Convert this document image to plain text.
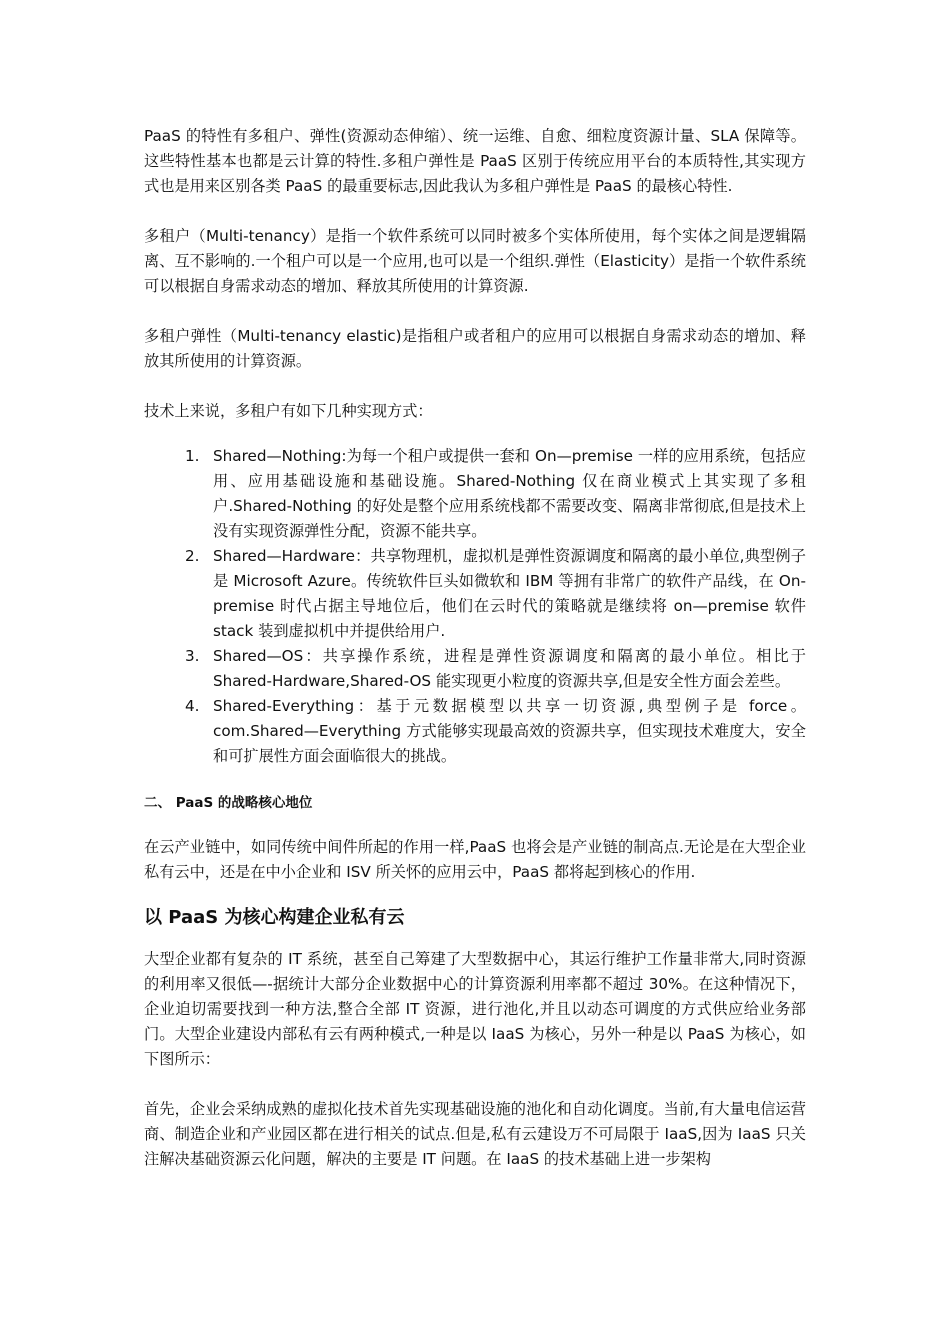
PaaS 的特性有多租户、弹性(资源动态伸缩）、统一运维、自愈、细粒度资源计量、SLA 保障等。这些特性基本也都是云计算的特性.多租户弹性是 PaaS 区别于传统应用平台的本质特性,其实现方式也是用来区别各类 PaaS 的最重要标志,因此我认为多租户弹性是 PaaS 的最核心特性.

多租户（Multi-tenancy）是指一个软件系统可以同时被多个实体所使用，每个实体之间是逻辑隔离、互不影响的.一个租户可以是一个应用,也可以是一个组织.弹性（Elasticity）是指一个软件系统可以根据自身需求动态的增加、释放其所使用的计算资源.

多租户弹性（Multi-tenancy elastic)是指租户或者租户的应用可以根据自身需求动态的增加、释放其所使用的计算资源。

技术上来说，多租户有如下几种实现方式：

1. Shared—Nothing:为每一个租户或提供一套和 On—premise 一样的应用系统，包括应用、应用基础设施和基础设施。Shared-Nothing 仅在商业模式上其实现了多租户.Shared-Nothing 的好处是整个应用系统栈都不需要改变、隔离非常彻底,但是技术上没有实现资源弹性分配，资源不能共享。
2. Shared—Hardware：共享物理机，虚拟机是弹性资源调度和隔离的最小单位,典型例子是 Microsoft Azure。传统软件巨头如微软和 IBM 等拥有非常广的软件产品线，在 On-premise 时代占据主导地位后，他们在云时代的策略就是继续将 on—premise 软件 stack 装到虚拟机中并提供给用户.
3. Shared—OS：共享操作系统，进程是弹性资源调度和隔离的最小单位。相比于 Shared-Hardware,Shared-OS 能实现更小粒度的资源共享,但是安全性方面会差些。
4. Shared-Everything：基于元数据模型以共享一切资源,典型例子是 force。com.Shared—Everything 方式能够实现最高效的资源共享，但实现技术难度大，安全和可扩展性方面会面临很大的挑战。
二、 PaaS 的战略核心地位

在云产业链中，如同传统中间件所起的作用一样,PaaS 也将会是产业链的制高点.无论是在大型企业私有云中，还是在中小企业和 ISV 所关怀的应用云中，PaaS 都将起到核心的作用.

以 PaaS 为核心构建企业私有云

大型企业都有复杂的 IT 系统，甚至自己筹建了大型数据中心，其运行维护工作量非常大,同时资源的利用率又很低—-据统计大部分企业数据中心的计算资源利用率都不超过 30%。在这种情况下，企业迫切需要找到一种方法,整合全部 IT 资源，进行池化,并且以动态可调度的方式供应给业务部门。大型企业建设内部私有云有两种模式,一种是以 IaaS 为核心，另外一种是以 PaaS 为核心，如下图所示：

首先，企业会采纳成熟的虚拟化技术首先实现基础设施的池化和自动化调度。当前,有大量电信运营商、制造企业和产业园区都在进行相关的试点.但是,私有云建设万不可局限于 IaaS,因为 IaaS 只关注解决基础资源云化问题，解决的主要是 IT 问题。在 IaaS 的技术基础上进一步架构
